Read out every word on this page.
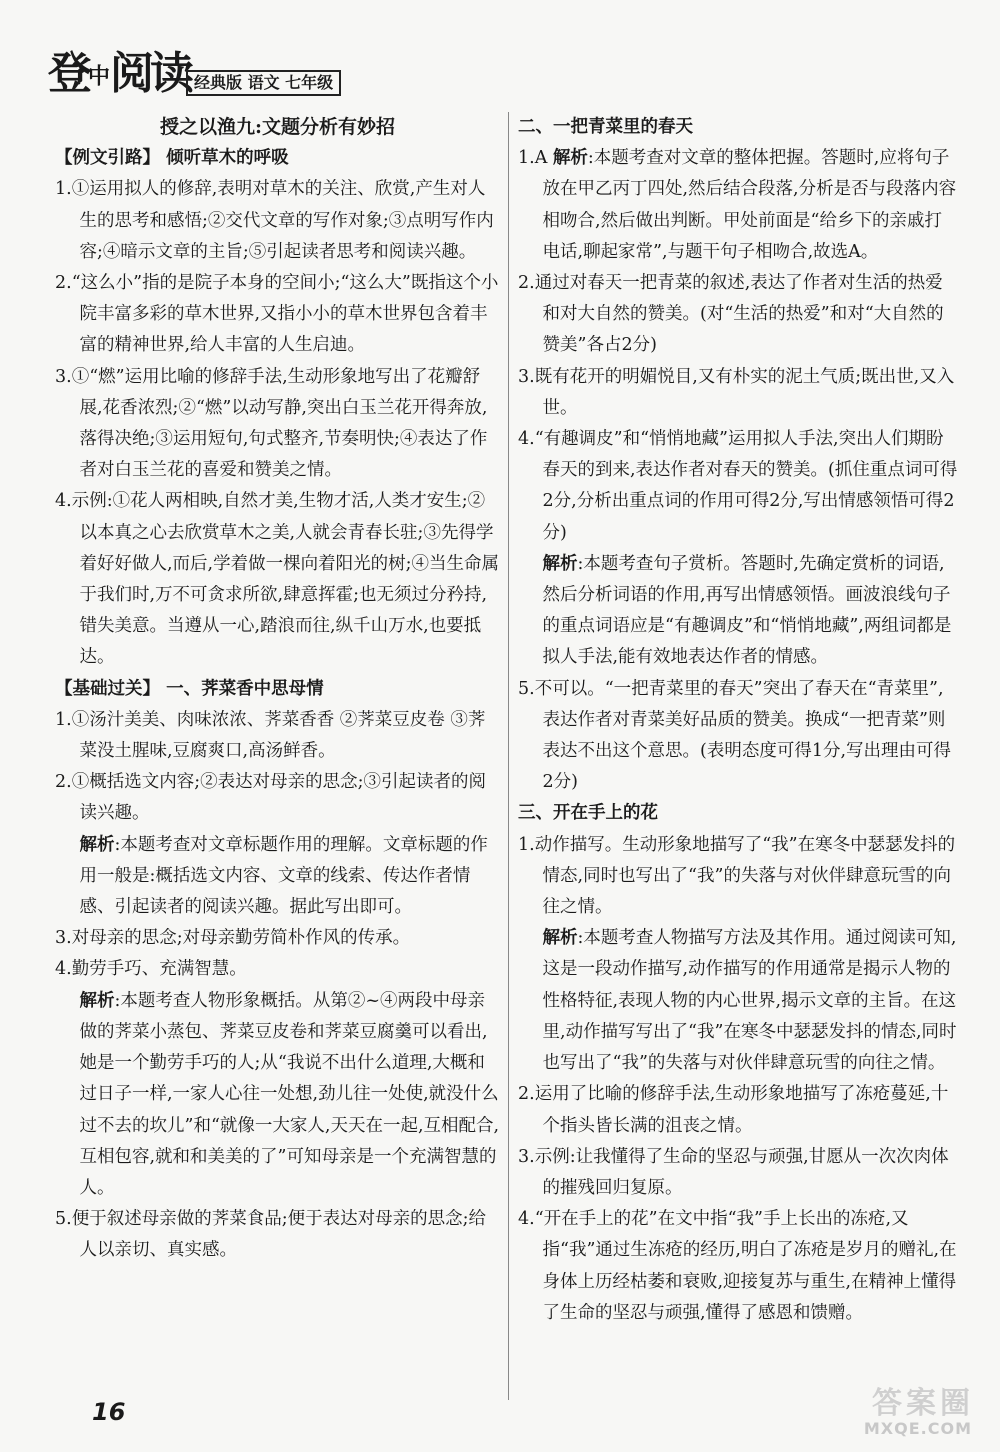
登中阅读 经典版 语文 七年级
授之以渔九:文题分析有妙招
【例文引路】 倾听草木的呼吸
1.①运用拟人的修辞,表明对草木的关注、欣赏,产生对人生的思考和感悟;②交代文章的写作对象;③点明写作内容;④暗示文章的主旨;⑤引起读者思考和阅读兴趣。
2.“这么小”指的是院子本身的空间小;“这么大”既指这个小院丰富多彩的草木世界,又指小小的草木世界包含着丰富的精神世界,给人丰富的人生启迪。
3.①“燃”运用比喻的修辞手法,生动形象地写出了花瓣舒展,花香浓烈;②“燃”以动写静,突出白玉兰花开得奔放,落得决绝;③运用短句,句式整齐,节奏明快;④表达了作者对白玉兰花的喜爱和赞美之情。
4.示例:①花人两相映,自然才美,生物才活,人类才安生;②以本真之心去欣赏草木之美,人就会青春长驻;③先得学着好好做人,而后,学着做一棵向着阳光的树;④当生命属于我们时,万不可贪求所欲,肆意挥霍;也无须过分矜持,错失美意。当遵从一心,踏浪而往,纵千山万水,也要抵达。
【基础过关】 一、荠菜香中思母情
1.①汤汁美美、肉味浓浓、荠菜香香 ②荠菜豆皮卷 ③荠菜没土腥味,豆腐爽口,高汤鲜香。
2.①概括选文内容;②表达对母亲的思念;③引起读者的阅读兴趣。
解析:本题考查对文章标题作用的理解。文章标题的作用一般是:概括选文内容、文章的线索、传达作者情感、引起读者的阅读兴趣。据此写出即可。
3.对母亲的思念;对母亲勤劳简朴作风的传承。
4.勤劳手巧、充满智慧。
解析:本题考查人物形象概括。从第②~④两段中母亲做的荠菜小蒸包、荠菜豆皮卷和荠菜豆腐羹可以看出,她是一个勤劳手巧的人;从“我说不出什么道理,大概和过日子一样,一家人心往一处想,劲儿往一处使,就没什么过不去的坎儿”和“就像一大家人,天天在一起,互相配合,互相包容,就和和美美的了”可知母亲是一个充满智慧的人。
5.便于叙述母亲做的荠菜食品;便于表达对母亲的思念;给人以亲切、真实感。
二、一把青菜里的春天
1.A 解析:本题考查对文章的整体把握。答题时,应将句子放在甲乙丙丁四处,然后结合段落,分析是否与段落内容相吻合,然后做出判断。甲处前面是“给乡下的亲戚打电话,聊起家常”,与题干句子相吻合,故选A。
2.通过对春天一把青菜的叙述,表达了作者对生活的热爱和对大自然的赞美。(对“生活的热爱”和对“大自然的赞美”各占2分)
3.既有花开的明媚悦目,又有朴实的泥土气质;既出世,又入世。
4.“有趣调皮”和“悄悄地藏”运用拟人手法,突出人们期盼春天的到来,表达作者对春天的赞美。(抓住重点词可得2分,分析出重点词的作用可得2分,写出情感领悟可得2分)
解析:本题考查句子赏析。答题时,先确定赏析的词语,然后分析词语的作用,再写出情感领悟。画波浪线句子的重点词语应是“有趣调皮”和“悄悄地藏”,两组词都是拟人手法,能有效地表达作者的情感。
5.不可以。“一把青菜里的春天”突出了春天在“青菜里”,表达作者对青菜美好品质的赞美。换成“一把青菜”则表达不出这个意思。(表明态度可得1分,写出理由可得2分)
三、开在手上的花
1.动作描写。生动形象地描写了“我”在寒冬中瑟瑟发抖的情态,同时也写出了“我”的失落与对伙伴肆意玩雪的向往之情。
解析:本题考查人物描写方法及其作用。通过阅读可知,这是一段动作描写,动作描写的作用通常是揭示人物的性格特征,表现人物的内心世界,揭示文章的主旨。在这里,动作描写写出了“我”在寒冬中瑟瑟发抖的情态,同时也写出了“我”的失落与对伙伴肆意玩雪的向往之情。
2.运用了比喻的修辞手法,生动形象地描写了冻疮蔓延,十个指头皆长满的沮丧之情。
3.示例:让我懂得了生命的坚忍与顽强,甘愿从一次次肉体的摧残回归复原。
4.“开在手上的花”在文中指“我”手上长出的冻疮,又指“我”通过生冻疮的经历,明白了冻疮是岁月的赠礼,在身体上历经枯萎和衰败,迎接复苏与重生,在精神上懂得了生命的坚忍与顽强,懂得了感恩和馈赠。
16	答案圈
MXQE.COM
